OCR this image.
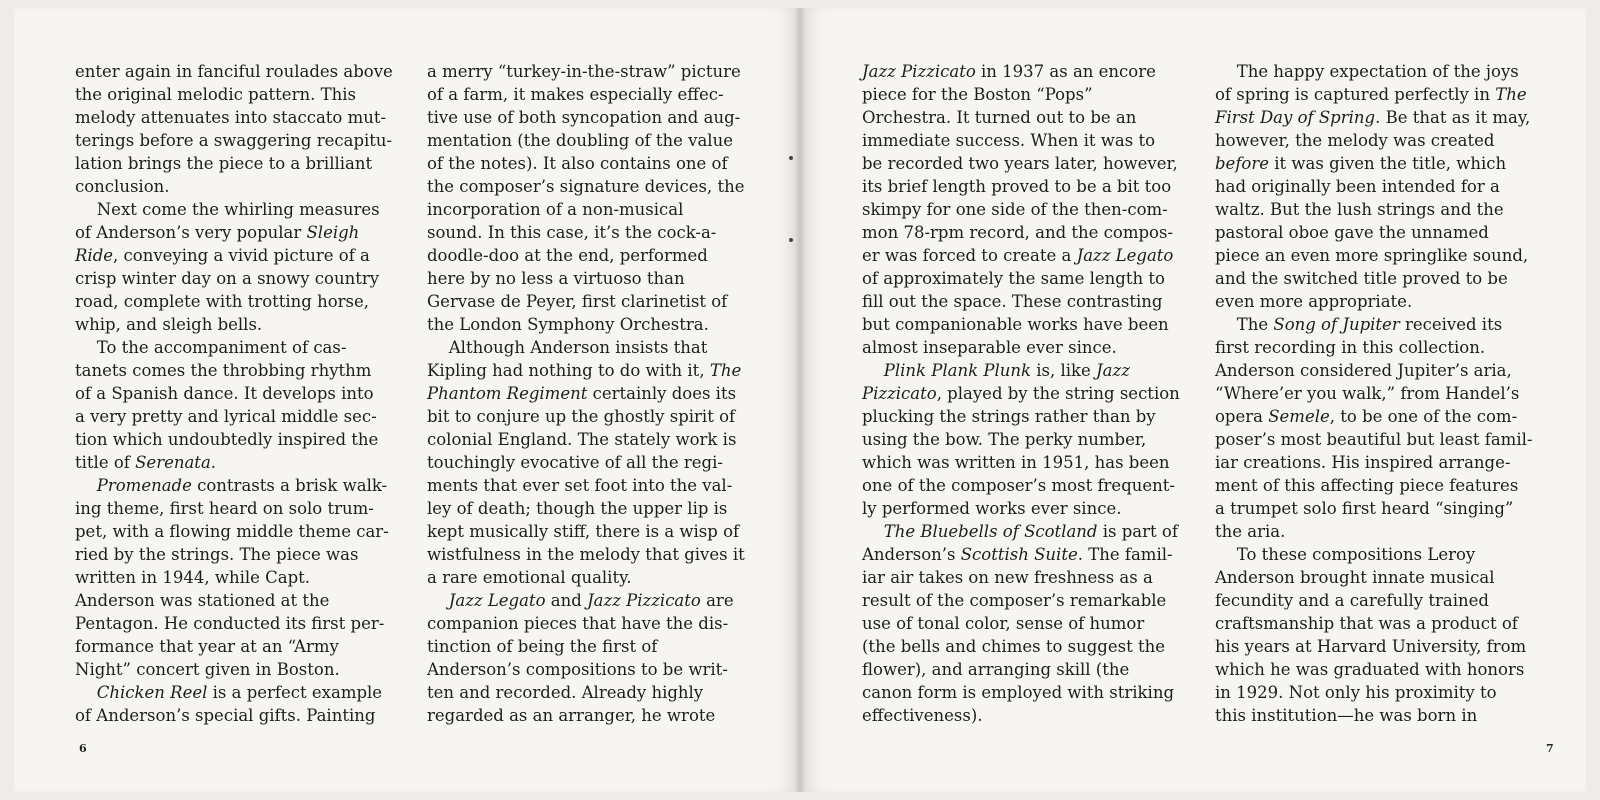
6	7
enter again in fanciful roulades above
the original melodic pattern. This
melody attenuates into staccato mut-
terings before a swaggering recapitu-
lation brings the piece to a brilliant
conclusion.
  Next come the whirling measures
of Anderson’s very popular Sleigh
Ride, conveying a vivid picture of a
crisp winter day on a snowy country
road, complete with trotting horse,
whip, and sleigh bells.
  To the accompaniment of cas-
tanets comes the throbbing rhythm
of a Spanish dance. It develops into
a very pretty and lyrical middle sec-
tion which undoubtedly inspired the
title of Serenata.
  Promenade contrasts a brisk walk-
ing theme, first heard on solo trum-
pet, with a flowing middle theme car-
ried by the strings. The piece was
written in 1944, while Capt.
Anderson was stationed at the
Pentagon. He conducted its first per-
formance that year at an “Army
Night” concert given in Boston.
  Chicken Reel is a perfect example
of Anderson’s special gifts. Painting
a merry “turkey-in-the-straw” picture
of a farm, it makes especially effec-
tive use of both syncopation and aug-
mentation (the doubling of the value
of the notes). It also contains one of
the composer’s signature devices, the
incorporation of a non-musical
sound. In this case, it’s the cock-a-
doodle-doo at the end, performed
here by no less a virtuoso than
Gervase de Peyer, first clarinetist of
the London Symphony Orchestra.
  Although Anderson insists that
Kipling had nothing to do with it, The
Phantom Regiment certainly does its
bit to conjure up the ghostly spirit of
colonial England. The stately work is
touchingly evocative of all the regi-
ments that ever set foot into the val-
ley of death; though the upper lip is
kept musically stiff, there is a wisp of
wistfulness in the melody that gives it
a rare emotional quality.
  Jazz Legato and Jazz Pizzicato are
companion pieces that have the dis-
tinction of being the first of
Anderson’s compositions to be writ-
ten and recorded. Already highly
regarded as an arranger, he wrote
Jazz Pizzicato in 1937 as an encore
piece for the Boston “Pops”
Orchestra. It turned out to be an
immediate success. When it was to
be recorded two years later, however,
its brief length proved to be a bit too
skimpy for one side of the then-com-
mon 78-rpm record, and the compos-
er was forced to create a Jazz Legato
of approximately the same length to
fill out the space. These contrasting
but companionable works have been
almost inseparable ever since.
  Plink Plank Plunk is, like Jazz
Pizzicato, played by the string section
plucking the strings rather than by
using the bow. The perky number,
which was written in 1951, has been
one of the composer’s most frequent-
ly performed works ever since.
  The Bluebells of Scotland is part of
Anderson’s Scottish Suite. The famil-
iar air takes on new freshness as a
result of the composer’s remarkable
use of tonal color, sense of humor
(the bells and chimes to suggest the
flower), and arranging skill (the
canon form is employed with striking
effectiveness).
  The happy expectation of the joys
of spring is captured perfectly in The
First Day of Spring. Be that as it may,
however, the melody was created
before it was given the title, which
had originally been intended for a
waltz. But the lush strings and the
pastoral oboe gave the unnamed
piece an even more springlike sound,
and the switched title proved to be
even more appropriate.
  The Song of Jupiter received its
first recording in this collection.
Anderson considered Jupiter’s aria,
“Where’er you walk,” from Handel’s
opera Semele, to be one of the com-
poser’s most beautiful but least famil-
iar creations. His inspired arrange-
ment of this affecting piece features
a trumpet solo first heard “singing”
the aria.
  To these compositions Leroy
Anderson brought innate musical
fecundity and a carefully trained
craftsmanship that was a product of
his years at Harvard University, from
which he was graduated with honors
in 1929. Not only his proximity to
this institution—he was born in
